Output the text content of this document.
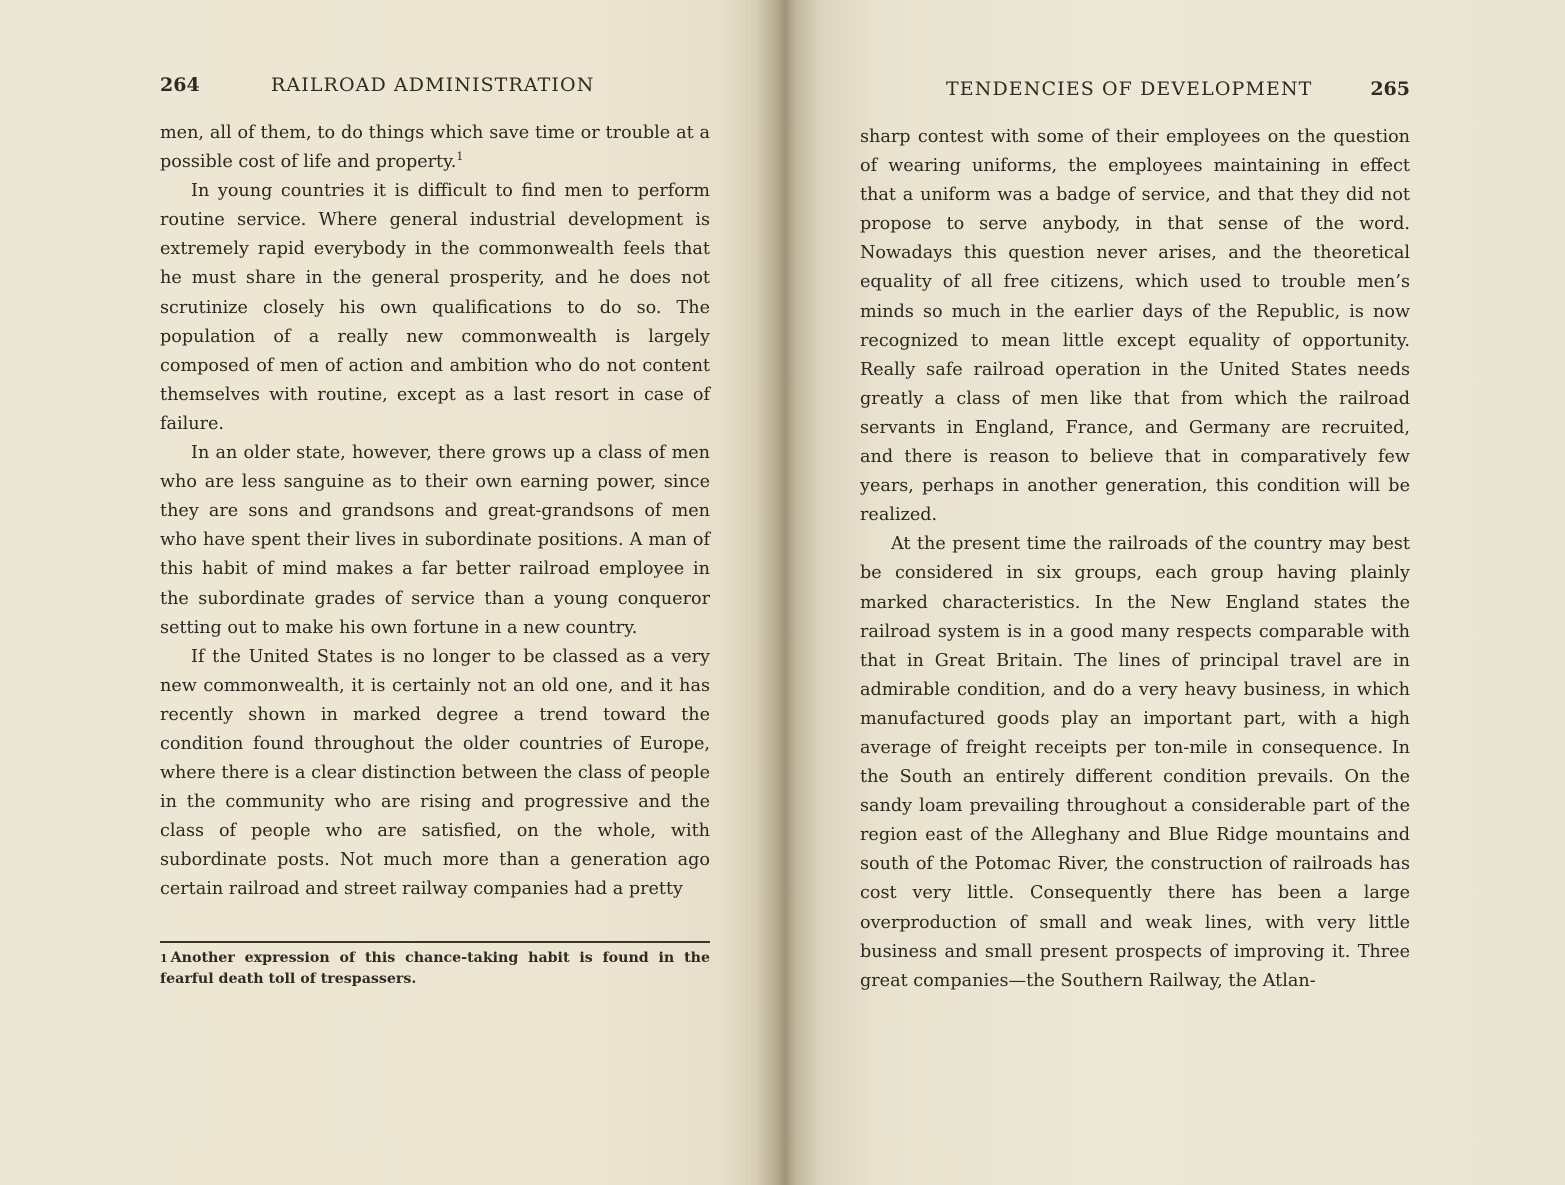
264	RAILROAD ADMINISTRATION

men, all of them, to do things which save time or trouble at a possible cost of life and property.$^1$

In young countries it is difficult to find men to perform routine service. Where general industrial development is extremely rapid everybody in the commonwealth feels that he must share in the general prosperity, and he does not scrutinize closely his own qualifications to do so. The population of a really new commonwealth is largely composed of men of action and ambition who do not content themselves with routine, except as a last resort in case of failure.

In an older state, however, there grows up a class of men who are less sanguine as to their own earning power, since they are sons and grandsons and great-grandsons of men who have spent their lives in subordinate positions. A man of this habit of mind makes a far better railroad employee in the subordinate grades of service than a young conqueror setting out to make his own fortune in a new country.

If the United States is no longer to be classed as a very new commonwealth, it is certainly not an old one, and it has recently shown in marked degree a trend toward the condition found throughout the older countries of Europe, where there is a clear distinction between the class of people in the community who are rising and progressive and the class of people who are satisfied, on the whole, with subordinate posts. Not much more than a generation ago certain railroad and street railway companies had a pretty

1 Another expression of this chance-taking habit is found in the fearful death toll of trespassers.
TENDENCIES OF DEVELOPMENT	265

sharp contest with some of their employees on the question of wearing uniforms, the employees maintaining in effect that a uniform was a badge of service, and that they did not propose to serve anybody, in that sense of the word. Nowadays this question never arises, and the theoretical equality of all free citizens, which used to trouble men’s minds so much in the earlier days of the Republic, is now recognized to mean little except equality of opportunity. Really safe railroad operation in the United States needs greatly a class of men like that from which the railroad servants in England, France, and Germany are recruited, and there is reason to believe that in comparatively few years, perhaps in another generation, this condition will be realized.

At the present time the railroads of the country may best be considered in six groups, each group having plainly marked characteristics. In the New England states the railroad system is in a good many respects comparable with that in Great Britain. The lines of principal travel are in admirable condition, and do a very heavy business, in which manufactured goods play an important part, with a high average of freight receipts per ton-mile in consequence. In the South an entirely different condition prevails. On the sandy loam prevailing throughout a considerable part of the region east of the Alleghany and Blue Ridge mountains and south of the Potomac River, the construction of railroads has cost very little. Consequently there has been a large overproduction of small and weak lines, with very little business and small present prospects of improving it. Three great companies—the Southern Railway, the Atlan-
